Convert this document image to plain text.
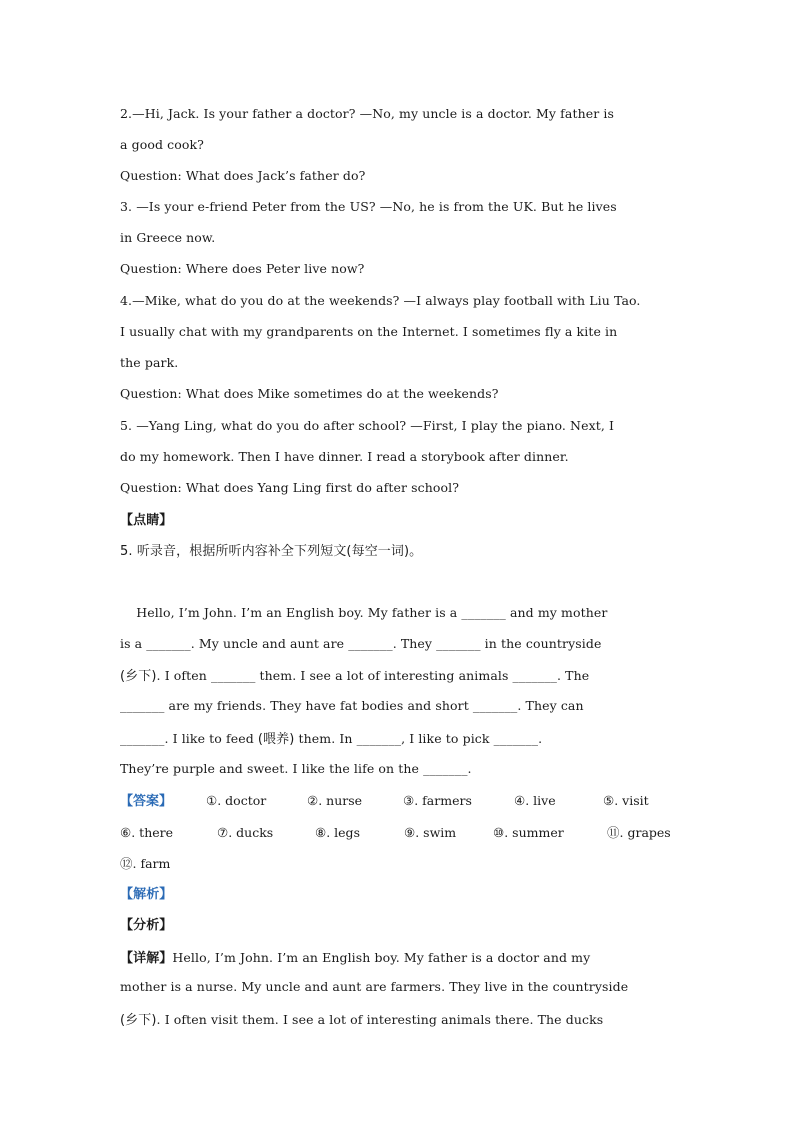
2.—Hi, Jack. Is your father a doctor? —No, my uncle is a doctor. My father is
a good cook?
Question: What does Jack’s father do?
3. —Is your e-friend Peter from the US? —No, he is from the UK. But he lives
in Greece now.
Question: Where does Peter live now?
4.—Mike, what do you do at the weekends? —I always play football with Liu Tao.
I usually chat with my grandparents on the Internet. I sometimes fly a kite in
the park.
Question: What does Mike sometimes do at the weekends?
5. —Yang Ling, what do you do after school? —First, I play the piano. Next, I
do my homework. Then I have dinner. I read a storybook after dinner.
Question: What does Yang Ling first do after school?
【点睛】
5. 听录音，根据所听内容补全下列短文(每空一词)。
Hello, I’m John. I’m an English boy. My father is a _______ and my mother
is a _______. My uncle and aunt are _______. They _______ in the countryside
(乡下). I often _______ them. I see a lot of interesting animals _______. The
_______ are my friends. They have fat bodies and short _______. They can
_______. I like to feed (喂养) them. In _______, I like to pick _______.
They’re purple and sweet. I like the life on the _______.
【答案】	①. doctor	②. nurse	③. farmers	④. live	⑤. visit
⑥. there	⑦. ducks	⑧. legs	⑨. swim	⑩. summer	⑪. grapes
⑫. farm
【解析】
【分析】
【详解】Hello, I’m John. I’m an English boy. My father is a doctor and my
mother is a nurse. My uncle and aunt are farmers. They live in the countryside
(乡下). I often visit them. I see a lot of interesting animals there. The ducks
